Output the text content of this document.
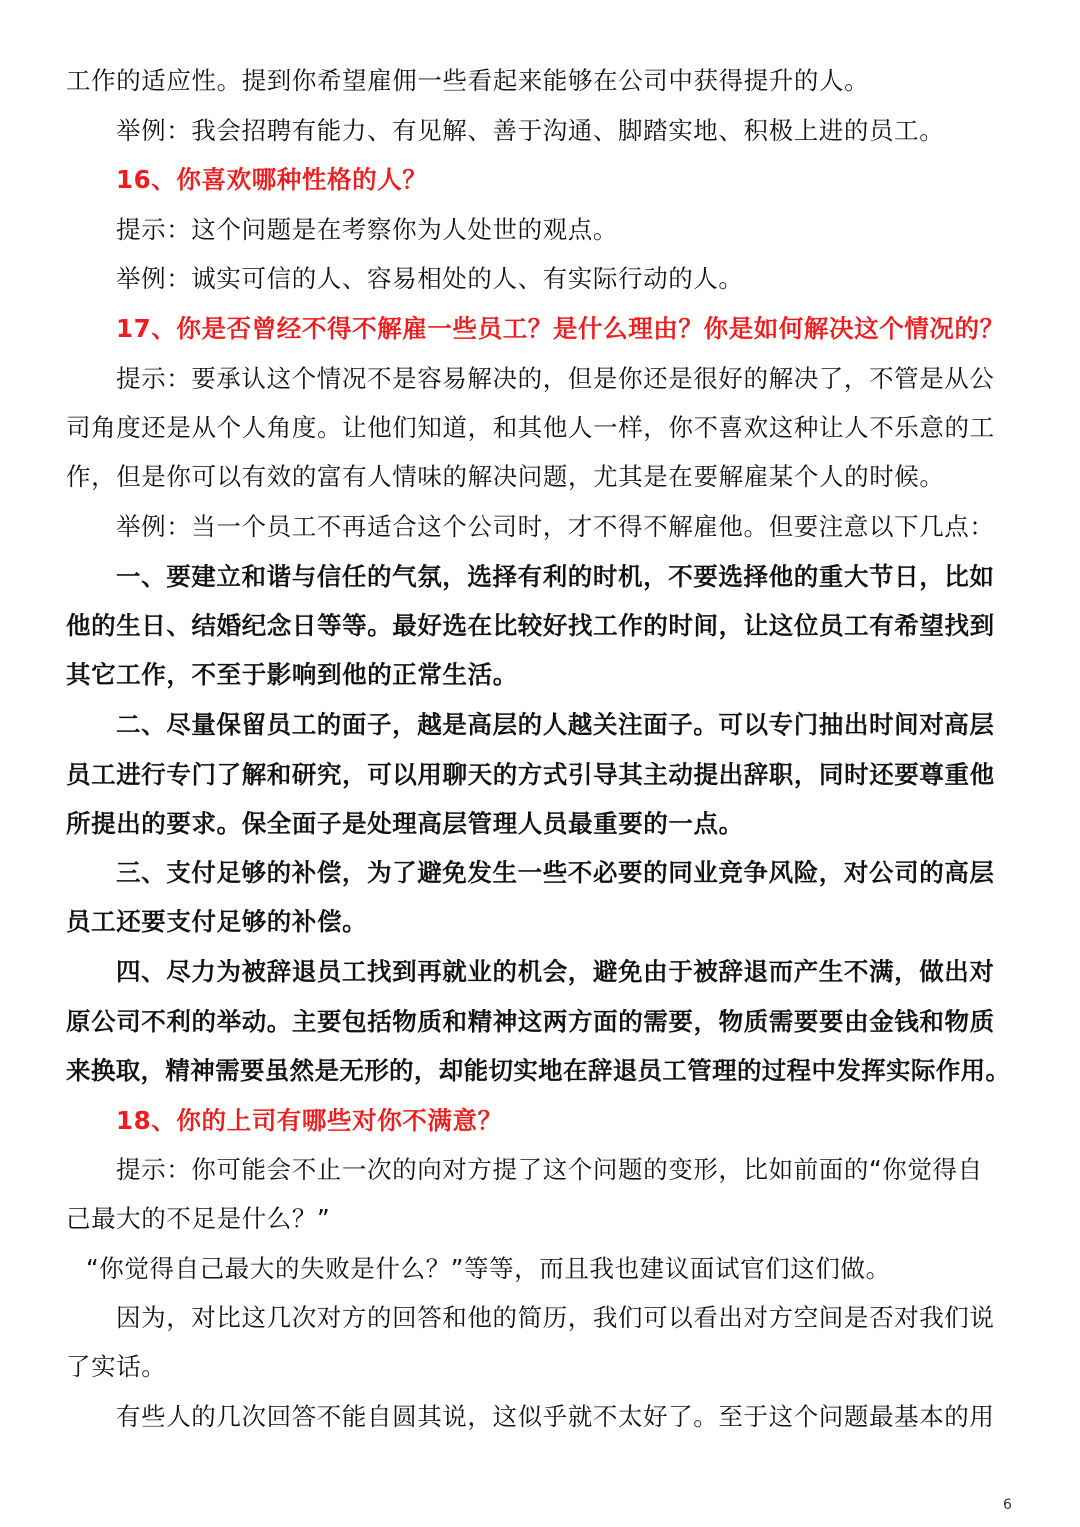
工作的适应性。提到你希望雇佣一些看起来能够在公司中获得提升的人。
举例：我会招聘有能力、有见解、善于沟通、脚踏实地、积极上进的员工。
16、你喜欢哪种性格的人？
提示：这个问题是在考察你为人处世的观点。
举例：诚实可信的人、容易相处的人、有实际行动的人。
17、你是否曾经不得不解雇一些员工？是什么理由？你是如何解决这个情况的？
提示：要承认这个情况不是容易解决的，但是你还是很好的解决了，不管是从公
司角度还是从个人角度。让他们知道，和其他人一样，你不喜欢这种让人不乐意的工
作，但是你可以有效的富有人情味的解决问题，尤其是在要解雇某个人的时候。
举例：当一个员工不再适合这个公司时，才不得不解雇他。但要注意以下几点：
一、要建立和谐与信任的气氛，选择有利的时机，不要选择他的重大节日，比如
他的生日、结婚纪念日等等。最好选在比较好找工作的时间，让这位员工有希望找到
其它工作，不至于影响到他的正常生活。
二、尽量保留员工的面子，越是高层的人越关注面子。可以专门抽出时间对高层
员工进行专门了解和研究，可以用聊天的方式引导其主动提出辞职，同时还要尊重他
所提出的要求。保全面子是处理高层管理人员最重要的一点。
三、支付足够的补偿，为了避免发生一些不必要的同业竞争风险，对公司的高层
员工还要支付足够的补偿。
四、尽力为被辞退员工找到再就业的机会，避免由于被辞退而产生不满，做出对
原公司不利的举动。主要包括物质和精神这两方面的需要，物质需要要由金钱和物质
来换取，精神需要虽然是无形的，却能切实地在辞退员工管理的过程中发挥实际作用。
18、你的上司有哪些对你不满意？
提示：你可能会不止一次的向对方提了这个问题的变形，比如前面的“你觉得自
己最大的不足是什么？”
“你觉得自己最大的失败是什么？”等等，而且我也建议面试官们这们做。
因为，对比这几次对方的回答和他的简历，我们可以看出对方空间是否对我们说
了实话。
有些人的几次回答不能自圆其说，这似乎就不太好了。至于这个问题最基本的用
6
